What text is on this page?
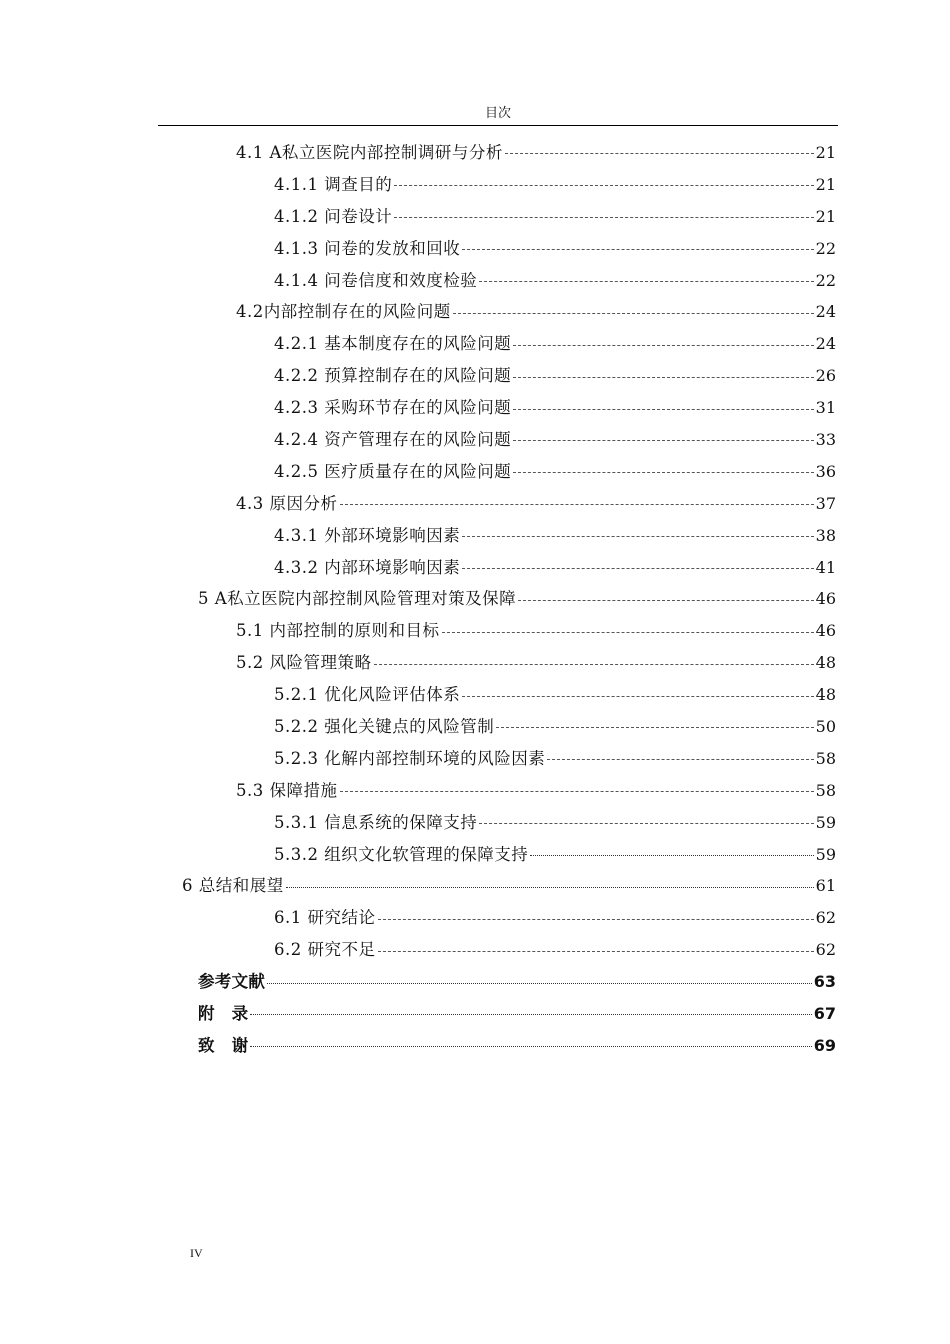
目次
4.1 A私立医院内部控制调研与分析	21
4.1.1 调查目的	21
4.1.2 问卷设计	21
4.1.3 问卷的发放和回收	22
4.1.4 问卷信度和效度检验	22
4.2内部控制存在的风险问题	24
4.2.1 基本制度存在的风险问题	24
4.2.2 预算控制存在的风险问题	26
4.2.3 采购环节存在的风险问题	31
4.2.4 资产管理存在的风险问题	33
4.2.5 医疗质量存在的风险问题	36
4.3 原因分析	37
4.3.1 外部环境影响因素	38
4.3.2 内部环境影响因素	41
5 A私立医院内部控制风险管理对策及保障	46
5.1 内部控制的原则和目标	46
5.2 风险管理策略	48
5.2.1 优化风险评估体系	48
5.2.2 强化关键点的风险管制	50
5.2.3 化解内部控制环境的风险因素	58
5.3 保障措施	58
5.3.1 信息系统的保障支持	59
5.3.2 组织文化软管理的保障支持	59
6 总结和展望	61
6.1 研究结论	62
6.2 研究不足	62
参考文献	63
附　录	67
致　谢	69
IV
